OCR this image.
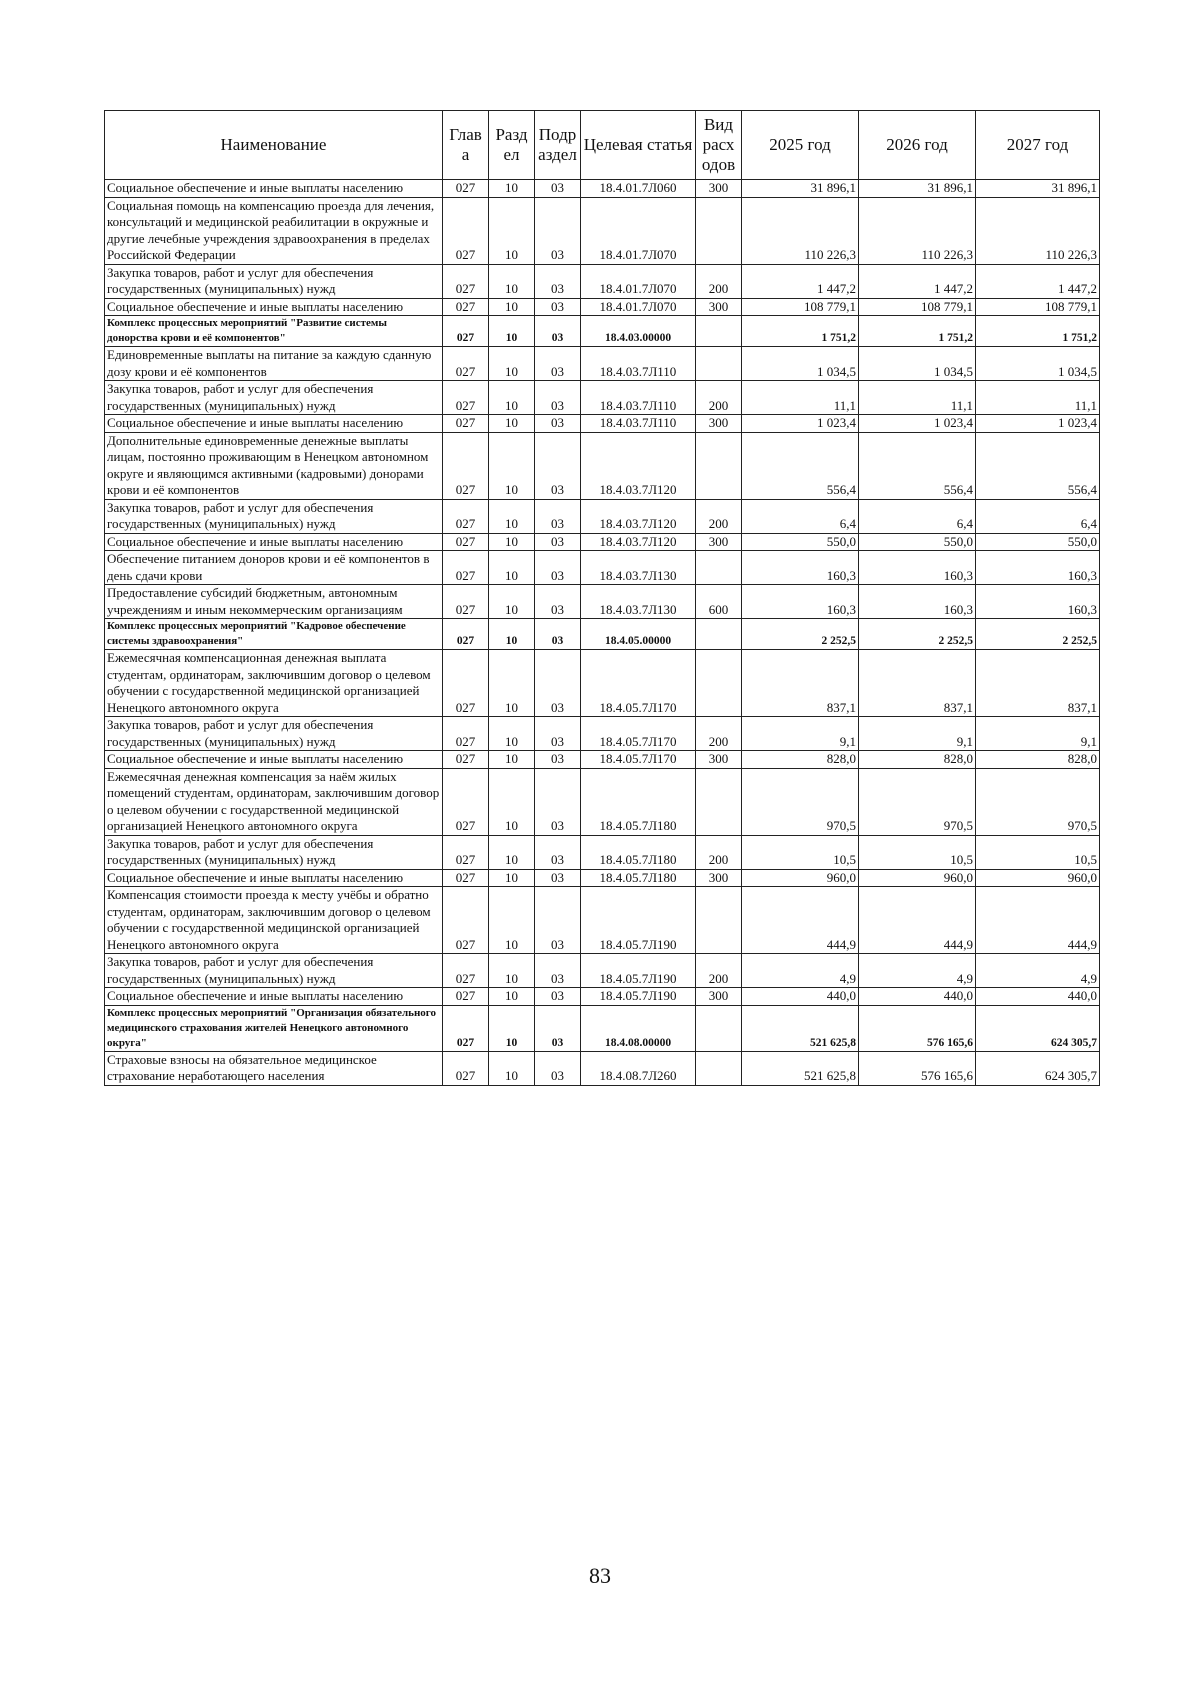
Наименование	Глав а	Разд ел	Подр аздел	Целевая статья	Вид расх одов	2025 год	2026 год	2027 год
Социальное обеспечение и иные выплаты населению	027	10	03	18.4.01.7Л060	300	31 896,1	31 896,1	31 896,1
Социальная помощь на компенсацию проезда для лечения, консультаций и медицинской реабилитации в окружные и другие лечебные учреждения здравоохранения в пределах Российской Федерации	027	10	03	18.4.01.7Л070		110 226,3	110 226,3	110 226,3
Закупка товаров, работ и услуг для обеспечения государственных (муниципальных) нужд	027	10	03	18.4.01.7Л070	200	1 447,2	1 447,2	1 447,2
Социальное обеспечение и иные выплаты населению	027	10	03	18.4.01.7Л070	300	108 779,1	108 779,1	108 779,1
Комплекс процессных мероприятий "Развитие системы донорства крови и её компонентов"	027	10	03	18.4.03.00000		1 751,2	1 751,2	1 751,2
Единовременные выплаты на питание за каждую сданную дозу крови и её компонентов	027	10	03	18.4.03.7Л110		1 034,5	1 034,5	1 034,5
Закупка товаров, работ и услуг для обеспечения государственных (муниципальных) нужд	027	10	03	18.4.03.7Л110	200	11,1	11,1	11,1
Социальное обеспечение и иные выплаты населению	027	10	03	18.4.03.7Л110	300	1 023,4	1 023,4	1 023,4
Дополнительные единовременные денежные выплаты лицам, постоянно проживающим в Ненецком автономном округе и являющимся активными (кадровыми) донорами крови и её компонентов	027	10	03	18.4.03.7Л120		556,4	556,4	556,4
Закупка товаров, работ и услуг для обеспечения государственных (муниципальных) нужд	027	10	03	18.4.03.7Л120	200	6,4	6,4	6,4
Социальное обеспечение и иные выплаты населению	027	10	03	18.4.03.7Л120	300	550,0	550,0	550,0
Обеспечение питанием доноров крови и её компонентов в день сдачи крови	027	10	03	18.4.03.7Л130		160,3	160,3	160,3
Предоставление субсидий бюджетным, автономным учреждениям и иным некоммерческим организациям	027	10	03	18.4.03.7Л130	600	160,3	160,3	160,3
Комплекс процессных мероприятий "Кадровое обеспечение системы здравоохранения"	027	10	03	18.4.05.00000		2 252,5	2 252,5	2 252,5
Ежемесячная компенсационная денежная выплата студентам, ординаторам, заключившим договор о целевом обучении с государственной медицинской организацией Ненецкого автономного округа	027	10	03	18.4.05.7Л170		837,1	837,1	837,1
Закупка товаров, работ и услуг для обеспечения государственных (муниципальных) нужд	027	10	03	18.4.05.7Л170	200	9,1	9,1	9,1
Социальное обеспечение и иные выплаты населению	027	10	03	18.4.05.7Л170	300	828,0	828,0	828,0
Ежемесячная денежная компенсация за наём жилых помещений студентам, ординаторам, заключившим договор о целевом обучении с государственной медицинской организацией Ненецкого автономного округа	027	10	03	18.4.05.7Л180		970,5	970,5	970,5
Закупка товаров, работ и услуг для обеспечения государственных (муниципальных) нужд	027	10	03	18.4.05.7Л180	200	10,5	10,5	10,5
Социальное обеспечение и иные выплаты населению	027	10	03	18.4.05.7Л180	300	960,0	960,0	960,0
Компенсация стоимости проезда к месту учёбы и обратно студентам, ординаторам, заключившим договор о целевом обучении с государственной медицинской организацией Ненецкого автономного округа	027	10	03	18.4.05.7Л190		444,9	444,9	444,9
Закупка товаров, работ и услуг для обеспечения государственных (муниципальных) нужд	027	10	03	18.4.05.7Л190	200	4,9	4,9	4,9
Социальное обеспечение и иные выплаты населению	027	10	03	18.4.05.7Л190	300	440,0	440,0	440,0
Комплекс процессных мероприятий "Организация обязательного медицинского страхования жителей Ненецкого автономного округа"	027	10	03	18.4.08.00000		521 625,8	576 165,6	624 305,7
Страховые взносы на обязательное медицинское страхование неработающего населения	027	10	03	18.4.08.7Л260		521 625,8	576 165,6	624 305,7
83
